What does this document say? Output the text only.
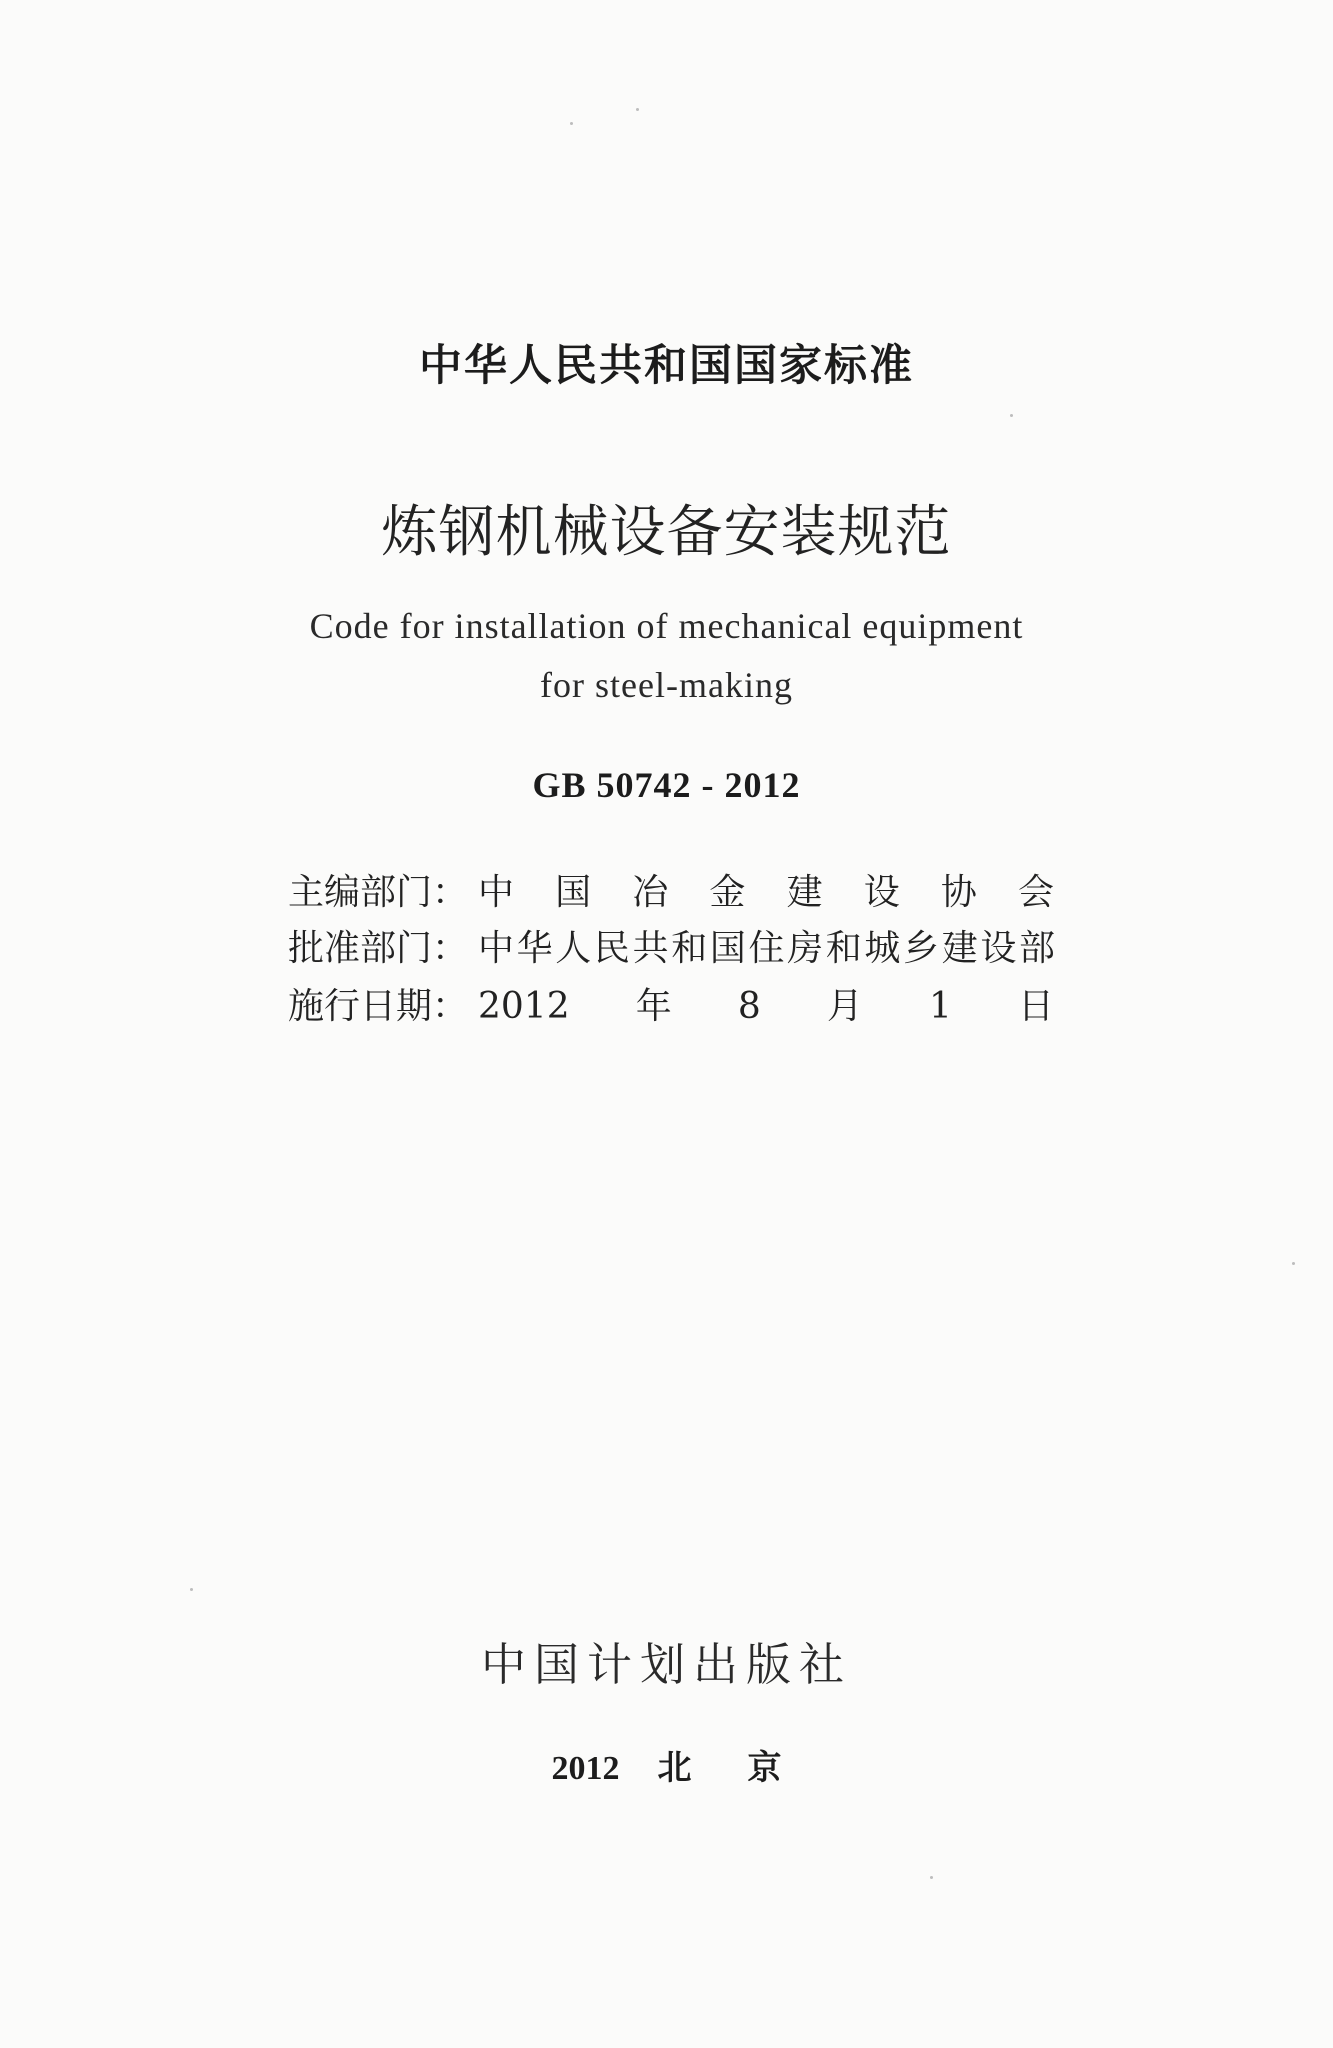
中华人民共和国国家标准
炼钢机械设备安装规范
Code for installation of mechanical equipment
for steel-making
GB 50742 - 2012
主编部门： 中国冶金建设协会
批准部门： 中华人民共和国住房和城乡建设部
施行日期： 2012年8月1日
中国计划出版社
2012 北 京
